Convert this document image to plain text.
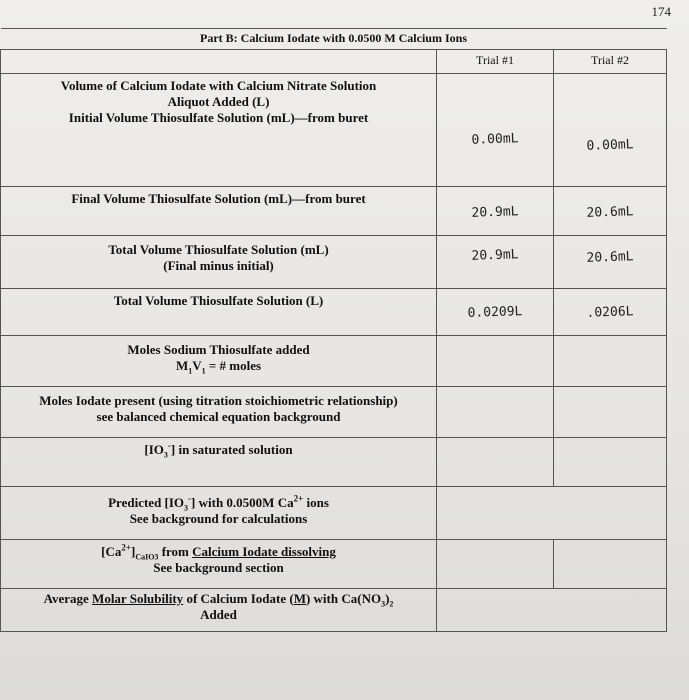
174
Part B: Calcium Iodate with 0.0500 M Calcium Ions		
	Trial #1	Trial #2

Volume of Calcium Iodate with Calcium Nitrate Solution
Aliquot Added (L)
Initial Volume Thiosulfate Solution (mL)—from buret	0.00mL	0.00mL

Final Volume Thiosulfate Solution (mL)—from buret	20.9mL	20.6mL

Total Volume Thiosulfate Solution (mL)
(Final minus initial)	20.9mL	20.6mL

Total Volume Thiosulfate Solution (L)	0.0209L	.0206L

Moles Sodium Thiosulfate added
$M_1V_1$ = # moles		

Moles Iodate present (using titration stoichiometric relationship)
see balanced chemical equation background		

$[IO_3^-]$ in saturated solution		

Predicted $[IO_3^-]$ with 0.0500M $Ca^{2+}$ ions
See background for calculations		

$[Ca^{2+}]_{CaIO3}$ from Calcium Iodate dissolving
See background section		

Average Molar Solubility of Calcium Iodate (M) with $Ca(NO_3)_2$
Added		
